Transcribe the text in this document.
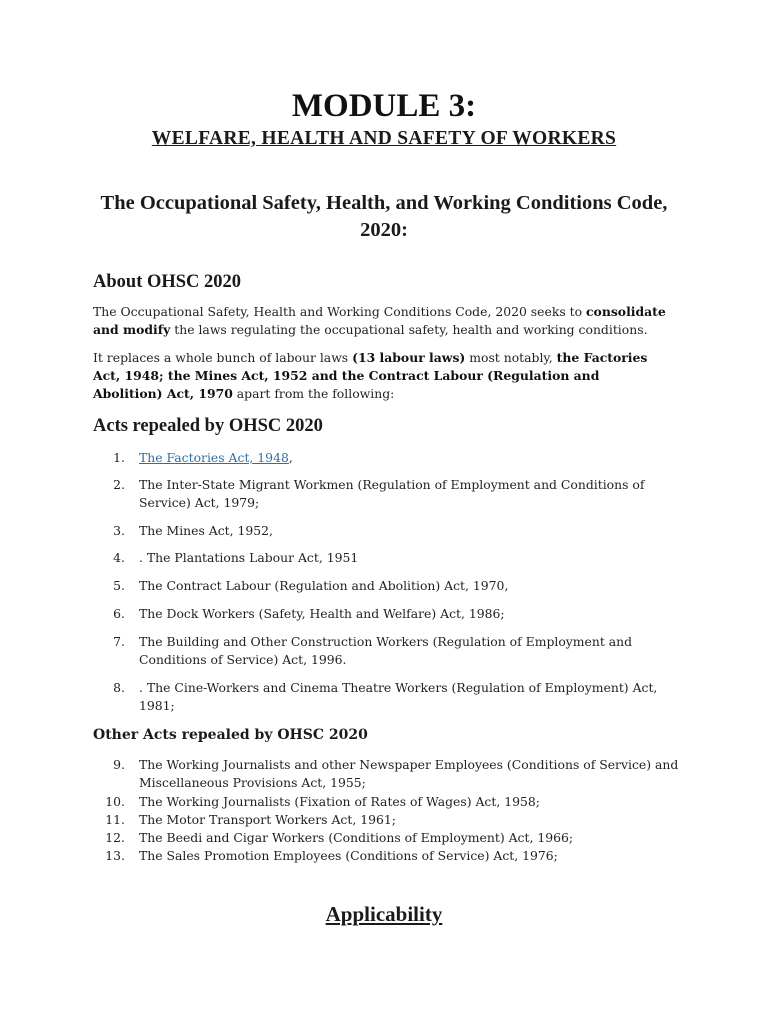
MODULE 3:
WELFARE, HEALTH AND SAFETY OF WORKERS
The Occupational Safety, Health, and Working Conditions Code, 2020:
About OHSC 2020

The Occupational Safety, Health and Working Conditions Code, 2020 seeks to consolidate and modify the laws regulating the occupational safety, health and working conditions.

It replaces a whole bunch of labour laws (13 labour laws) most notably, the Factories Act, 1948; the Mines Act, 1952 and the Contract Labour (Regulation and Abolition) Act, 1970 apart from the following:

Acts repealed by OHSC 2020
1. The Factories Act, 1948,
2. The Inter-State Migrant Workmen (Regulation of Employment and Conditions of Service) Act, 1979;
3. The Mines Act, 1952,
4. . The Plantations Labour Act, 1951
5. The Contract Labour (Regulation and Abolition) Act, 1970,
6. The Dock Workers (Safety, Health and Welfare) Act, 1986;
7. The Building and Other Construction Workers (Regulation of Employment and Conditions of Service) Act, 1996.
8. . The Cine-Workers and Cinema Theatre Workers (Regulation of Employment) Act, 1981;
Other Acts repealed by OHSC 2020
9. The Working Journalists and other Newspaper Employees (Conditions of Service) and Miscellaneous Provisions Act, 1955;
10. The Working Journalists (Fixation of Rates of Wages) Act, 1958;
11. The Motor Transport Workers Act, 1961;
12. The Beedi and Cigar Workers (Conditions of Employment) Act, 1966;
13. The Sales Promotion Employees (Conditions of Service) Act, 1976;
Applicability
